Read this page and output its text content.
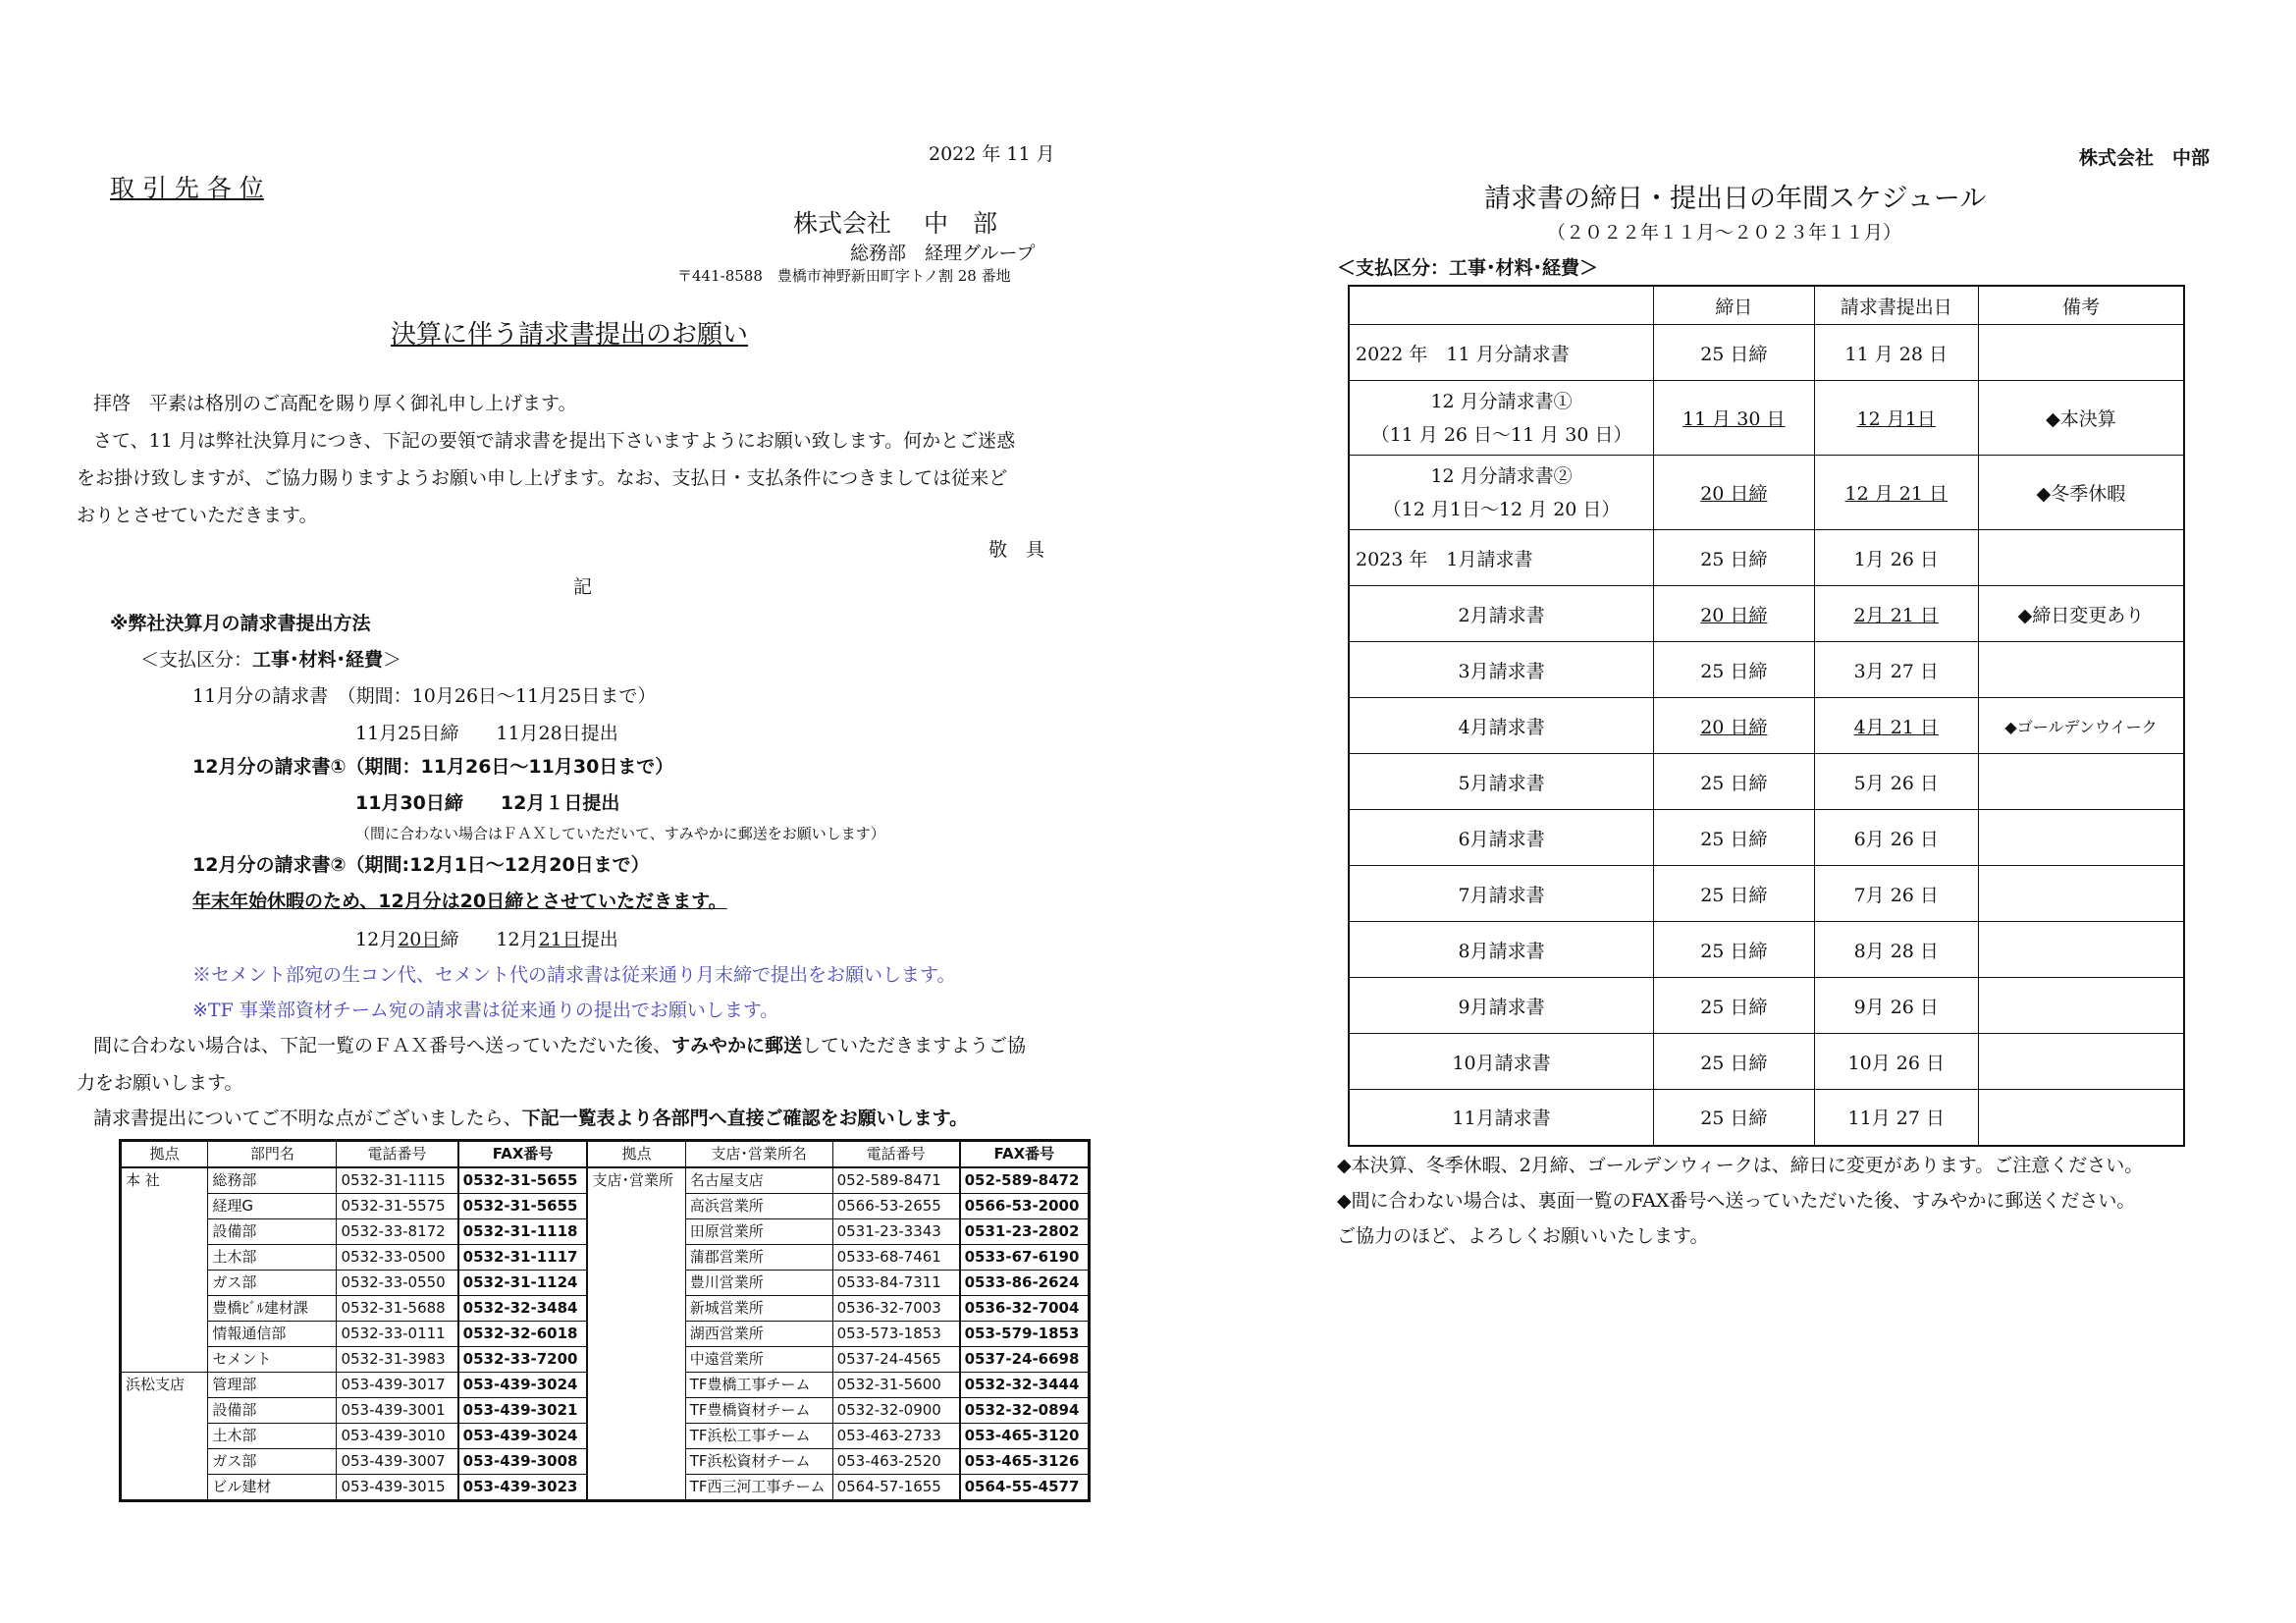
2022 年 11 月
取 引 先 各 位
株式会社　 中　部
総務部　経理グループ
〒441-8588　豊橋市神野新田町字トノ割 28 番地
決算に伴う請求書提出のお願い
拝啓　平素は格別のご高配を賜り厚く御礼申し上げます。
さて、11 月は弊社決算月につき、下記の要領で請求書を提出下さいますようにお願い致します。何かとご迷惑
をお掛け致しますが、ご協力賜りますようお願い申し上げます。なお、支払日・支払条件につきましては従来ど
おりとさせていただきます。
敬　具
記
※弊社決算月の請求書提出方法
＜支払区分：工事･材料･経費＞
11月分の請求書　（期間：10月26日～11月25日まで）
11月25日締　　11月28日提出
12月分の請求書①（期間：11月26日～11月30日まで）
11月30日締　　12月１日提出
（間に合わない場合はＦＡＸしていただいて、すみやかに郵送をお願いします）
12月分の請求書②（期間:12月1日～12月20日まで）
年末年始休暇のため、12月分は20日締とさせていただきます。
12月20日締　　12月21日提出
※セメント部宛の生コン代、セメント代の請求書は従来通り月末締で提出をお願いします。
※TF 事業部資材チーム宛の請求書は従来通りの提出でお願いします。
間に合わない場合は、下記一覧のＦＡＸ番号へ送っていただいた後、すみやかに郵送していただきますようご協
力をお願いします。
請求書提出についてご不明な点がございましたら、下記一覧表より各部門へ直接ご確認をお願いします。
拠点	部門名	電話番号	FAX番号	拠点	支店･営業所名	電話番号	FAX番号
本 社	総務部	0532-31-1115	0532-31-5655	支店･営業所	名古屋支店	052-589-8471	052-589-8472
	経理G	0532-31-5575	0532-31-5655		高浜営業所	0566-53-2655	0566-53-2000
	設備部	0532-33-8172	0532-31-1118		田原営業所	0531-23-3343	0531-23-2802
	土木部	0532-33-0500	0532-31-1117		蒲郡営業所	0533-68-7461	0533-67-6190
	ガス部	0532-33-0550	0532-31-1124		豊川営業所	0533-84-7311	0533-86-2624
	豊橋ﾋﾞﾙ建材課	0532-31-5688	0532-32-3484		新城営業所	0536-32-7003	0536-32-7004
	情報通信部	0532-33-0111	0532-32-6018		湖西営業所	053-573-1853	053-579-1853
	セメント	0532-31-3983	0532-33-7200		中遠営業所	0537-24-4565	0537-24-6698
浜松支店	管理部	053-439-3017	053-439-3024		TF豊橋工事チーム	0532-31-5600	0532-32-3444
	設備部	053-439-3001	053-439-3021		TF豊橋資材チーム	0532-32-0900	0532-32-0894
	土木部	053-439-3010	053-439-3024		TF浜松工事チーム	053-463-2733	053-465-3120
	ガス部	053-439-3007	053-439-3008		TF浜松資材チーム	053-463-2520	053-465-3126
	ビル建材	053-439-3015	053-439-3023		TF西三河工事チーム	0564-57-1655	0564-55-4577
株式会社　中部
請求書の締日・提出日の年間スケジュール
（２０２２年１１月～２０２３年１１月）
＜支払区分：工事･材料･経費＞
	締日	請求書提出日	備考
2022 年　11 月分請求書	25 日締	11 月 28 日	

12 月分請求書①
（11 月 26 日～11 月 30 日）	11 月 30 日	12 月1日	◆本決算

12 月分請求書②
（12 月1日～12 月 20 日）	20 日締	12 月 21 日	◆冬季休暇
2023 年　1月請求書	25 日締	1月 26 日	
2月請求書	20 日締	2月 21 日	◆締日変更あり
3月請求書	25 日締	3月 27 日	
4月請求書	20 日締	4月 21 日	◆ゴールデンウイーク
5月請求書	25 日締	5月 26 日	
6月請求書	25 日締	6月 26 日	
7月請求書	25 日締	7月 26 日	
8月請求書	25 日締	8月 28 日	
9月請求書	25 日締	9月 26 日	
10月請求書	25 日締	10月 26 日	
11月請求書	25 日締	11月 27 日	
◆本決算、冬季休暇、2月締、ゴールデンウィークは、締日に変更があります。ご注意ください。
◆間に合わない場合は、裏面一覧のFAX番号へ送っていただいた後、すみやかに郵送ください。
ご協力のほど、よろしくお願いいたします。
